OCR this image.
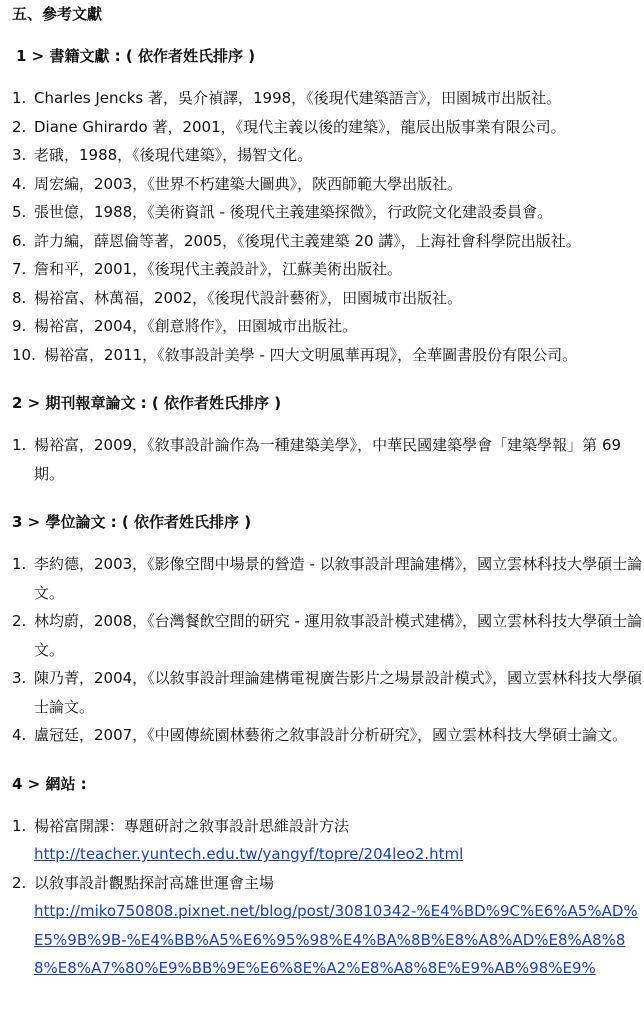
五、參考文獻
1 > 書籍文獻 : ( 依作者姓氏排序 )
1. Charles Jencks 著，吳介禎譯，1998，《後現代建築語言》，田園城市出版社。
2. Diane Ghirardo 著，2001，《現代主義以後的建築》，龍辰出版事業有限公司。
3. 老硪，1988，《後現代建築》，揚智文化。
4. 周宏編，2003，《世界不朽建築大圖典》，陝西師範大學出版社。
5. 張世億，1988，《美術資訊 - 後現代主義建築探微》，行政院文化建設委員會。
6. 許力編，薛恩倫等著，2005，《後現代主義建築 20 講》，上海社會科學院出版社。
7. 詹和平，2001，《後現代主義設計》，江蘇美術出版社。
8. 楊裕富、林萬福，2002，《後現代設計藝術》，田園城市出版社。
9. 楊裕富，2004，《創意將作》，田園城市出版社。
10. 楊裕富，2011，《敘事設計美學 - 四大文明風華再現》，全華圖書股份有限公司。
2 > 期刊報章論文 : ( 依作者姓氏排序 )
1. 楊裕富，2009，《敘事設計論作為一種建築美學》，中華民國建築學會「建築學報」第 69 期。
3 > 學位論文 : ( 依作者姓氏排序 )
1. 李約德，2003，《影像空間中場景的營造 - 以敘事設計理論建構》，國立雲林科技大學碩士論文。
2. 林均蔚，2008，《台灣餐飲空間的研究 - 運用敘事設計模式建構》，國立雲林科技大學碩士論文。
3. 陳乃菁，2004，《以敘事設計理論建構電視廣告影片之場景設計模式》，國立雲林科技大學碩士論文。
4. 盧冠廷，2007，《中國傳統園林藝術之敘事設計分析研究》，國立雲林科技大學碩士論文。
4 > 網站 :
1. 楊裕富開課：專題研討之敘事設計思維設計方法
http://teacher.yuntech.edu.tw/yangyf/topre/204leo2.html
2. 以敘事設計觀點探討高雄世運會主場
http://miko750808.pixnet.net/blog/post/30810342-%E4%BD%9C%E6%A5%AD%E5%9B%9B-%E4%BB%A5%E6%95%98%E4%BA%8B%E8%A8%AD%E8%A8%88%E8%A7%80%E9%BB%9E%E6%8E%A2%E8%A8%8E%E9%AB%98%E9%
